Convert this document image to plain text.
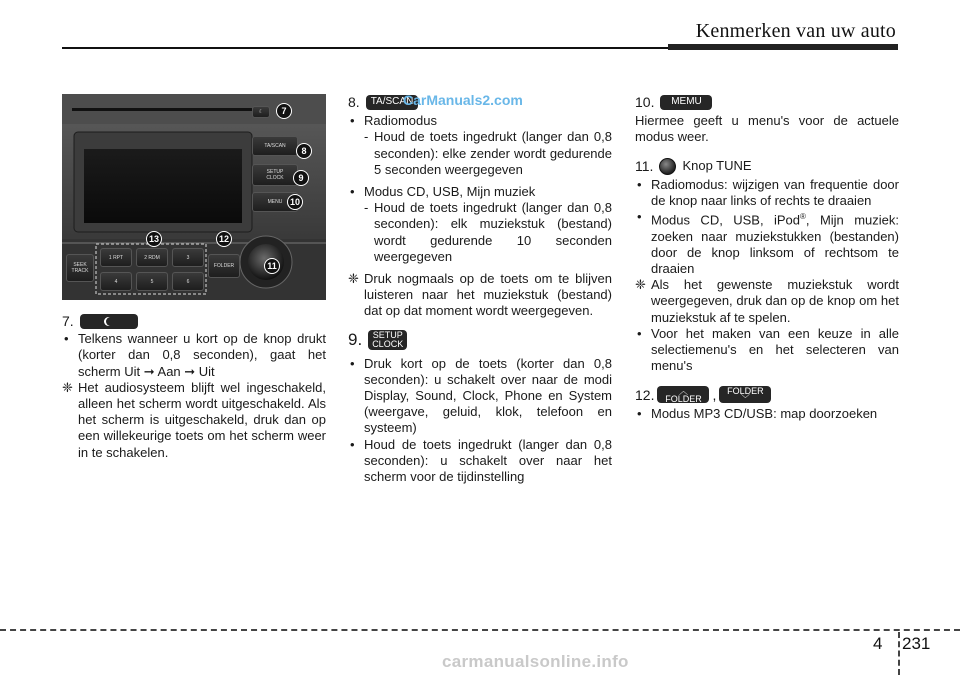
Kenmerken van uw auto
TA/SCAN
SETUP
CLOCK
MENU
☾
SEEK
TRACK
FOLDER
1 RPT	2 RDM	3
4	5	6
7
8
9
10
11
12
13
7.

• Telkens wanneer u kort op de knop drukt (korter dan 0,8 seconden), gaat het scherm Uit ➞ Aan ➞ Uit

❈ Het audiosysteem blijft wel ingeschakeld, alleen het scherm wordt uitgeschakeld. Als het scherm is uitgeschakeld, druk dan op een willekeurige toets om het scherm weer in te schakelen.

8.	TA/SCAN

• Radiomodus

- Houd de toets ingedrukt (langer dan 0,8 seconden): elke zender wordt gedurende 5 seconden weergegeven

• Modus CD, USB, Mijn muziek

- Houd de toets ingedrukt (langer dan 0,8 seconden): elk muziekstuk (bestand) wordt gedurende 10 seconden weergegeven

❈ Druk nogmaals op de toets om te blijven luisteren naar het muziekstuk (bestand) dat op dat moment wordt weergegeven.

9. SETUP
CLOCK

• Druk kort op de toets (korter dan 0,8 seconden): u schakelt over naar de modi Display, Sound, Clock, Phone en System (weergave, geluid, klok, telefoon en systeem)

• Houd de toets ingedrukt (langer dan 0,8 seconden): u schakelt over naar het scherm voor de tijdinstelling

10.	MEMU

Hiermee geeft u menu's voor de actuele modus weer.

11. Knop TUNE

• Radiomodus: wijzigen van frequentie door de knop naar links of rechts te draaien

• Modus CD, USB, iPod®, Mijn muziek: zoeken naar muziekstukken (bestanden) door de knop linksom of rechtsom te draaien

❈ Als het gewenste muziekstuk wordt weergegeven, druk dan op de knop om het muziekstuk af te spelen.

• Voor het maken van een keuze in alle selectiemenu's en het selecteren van menu's

12.	︿
FOLDER , FOLDER
﹀

• Modus MP3 CD/USB: map doorzoeken

CarManuals2.com
4 231
carmanualsonline.info
